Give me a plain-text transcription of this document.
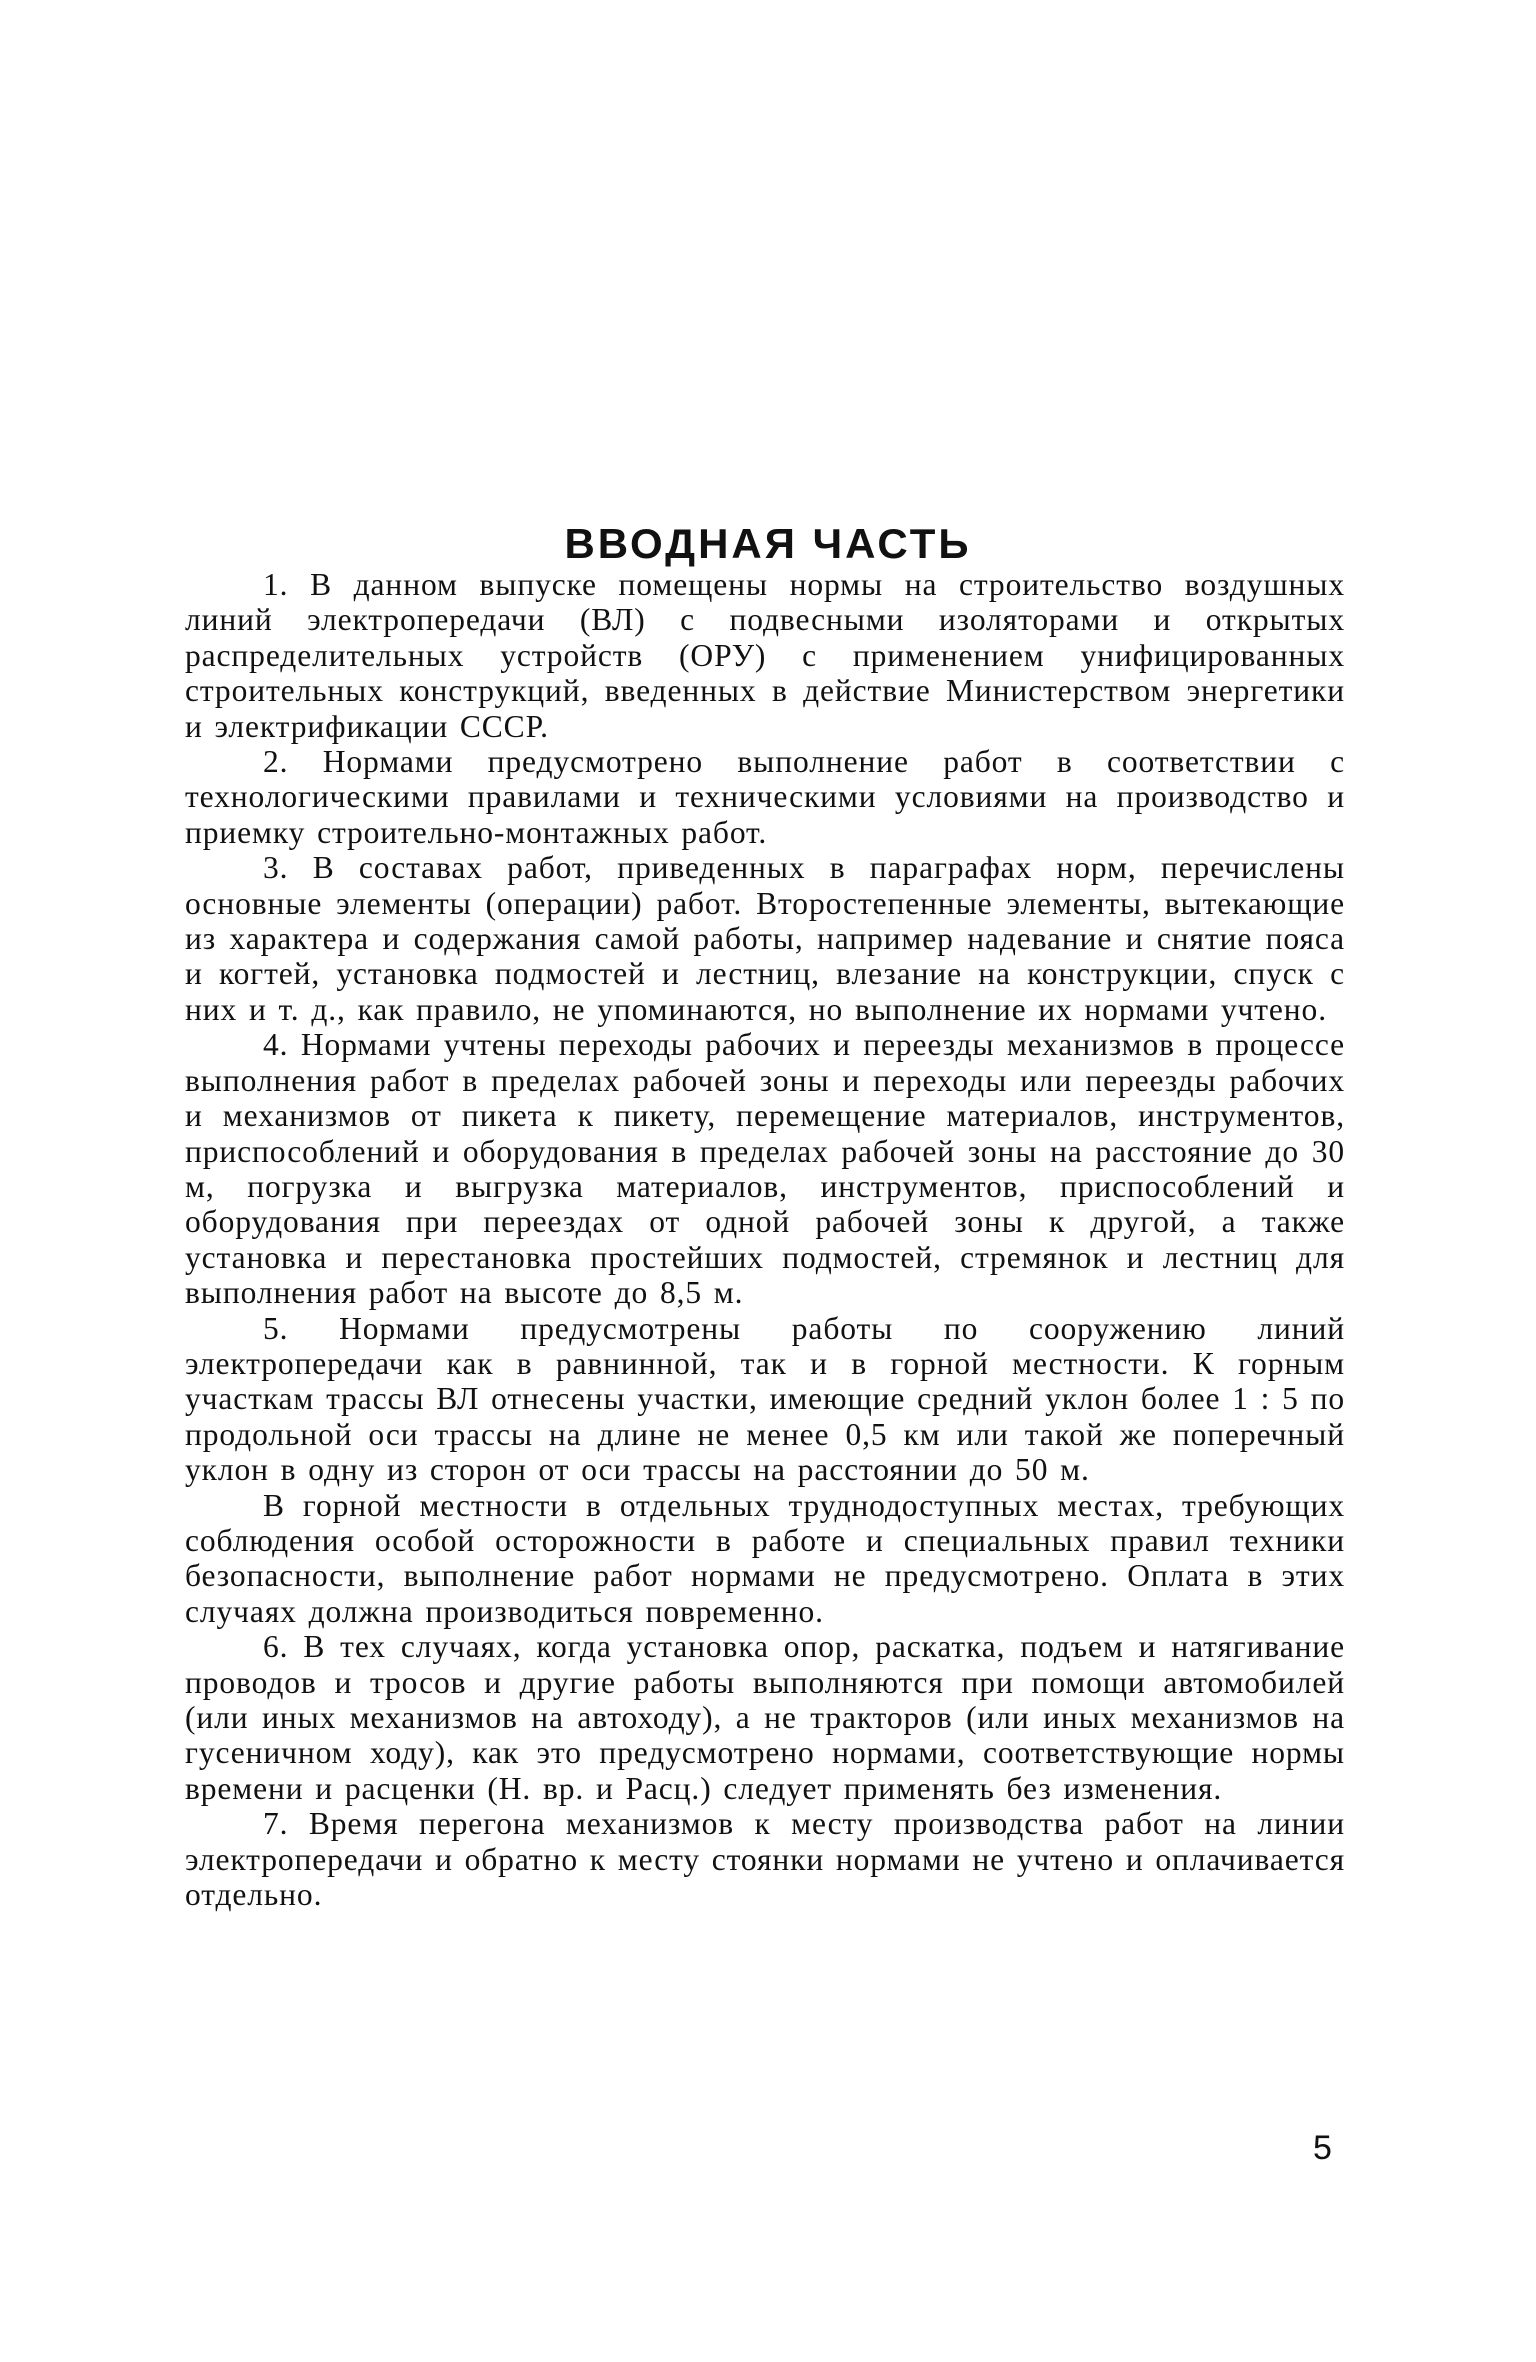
ВВОДНАЯ ЧАСТЬ

1. В данном выпуске помещены нормы на строительство воздушных линий электропередачи (ВЛ) с подвесными изоляторами и открытых распределительных устройств (ОРУ) с применением унифицированных строительных конструкций, введенных в действие Министерством энергетики и электрификации СССР.

2. Нормами предусмотрено выполнение работ в соответствии с технологическими правилами и техническими условиями на производство и приемку строительно-монтажных работ.

3. В составах работ, приведенных в параграфах норм, перечислены основные элементы (операции) работ. Второстепенные элементы, вытекающие из характера и содержания самой работы, например надевание и снятие пояса и когтей, установка подмостей и лестниц, влезание на конструкции, спуск с них и т. д., как правило, не упоминаются, но выполнение их нормами учтено.

4. Нормами учтены переходы рабочих и переезды механизмов в процессе выполнения работ в пределах рабочей зоны и переходы или переезды рабочих и механизмов от пикета к пикету, перемещение материалов, инструментов, приспособлений и оборудования в пределах рабочей зоны на расстояние до 30 м, погрузка и выгрузка материалов, инструментов, приспособлений и оборудования при переездах от одной рабочей зоны к другой, а также установка и перестановка простейших подмостей, стремянок и лестниц для выполнения работ на высоте до 8,5 м.

5. Нормами предусмотрены работы по сооружению линий электропередачи как в равнинной, так и в горной местности. К горным участкам трассы ВЛ отнесены участки, имеющие средний уклон более 1 : 5 по продольной оси трассы на длине не менее 0,5 км или такой же поперечный уклон в одну из сторон от оси трассы на расстоянии до 50 м.

В горной местности в отдельных труднодоступных местах, требующих соблюдения особой осторожности в работе и специальных правил техники безопасности, выполнение работ нормами не предусмотрено. Оплата в этих случаях должна производиться повременно.

6. В тех случаях, когда установка опор, раскатка, подъем и натягивание проводов и тросов и другие работы выполняются при помощи автомобилей (или иных механизмов на автоходу), а не тракторов (или иных механизмов на гусеничном ходу), как это предусмотрено нормами, соответствующие нормы времени и расценки (Н. вр. и Расц.) следует применять без изменения.

7. Время перегона механизмов к месту производства работ на линии электропередачи и обратно к месту стоянки нормами не учтено и оплачивается отдельно.

5
